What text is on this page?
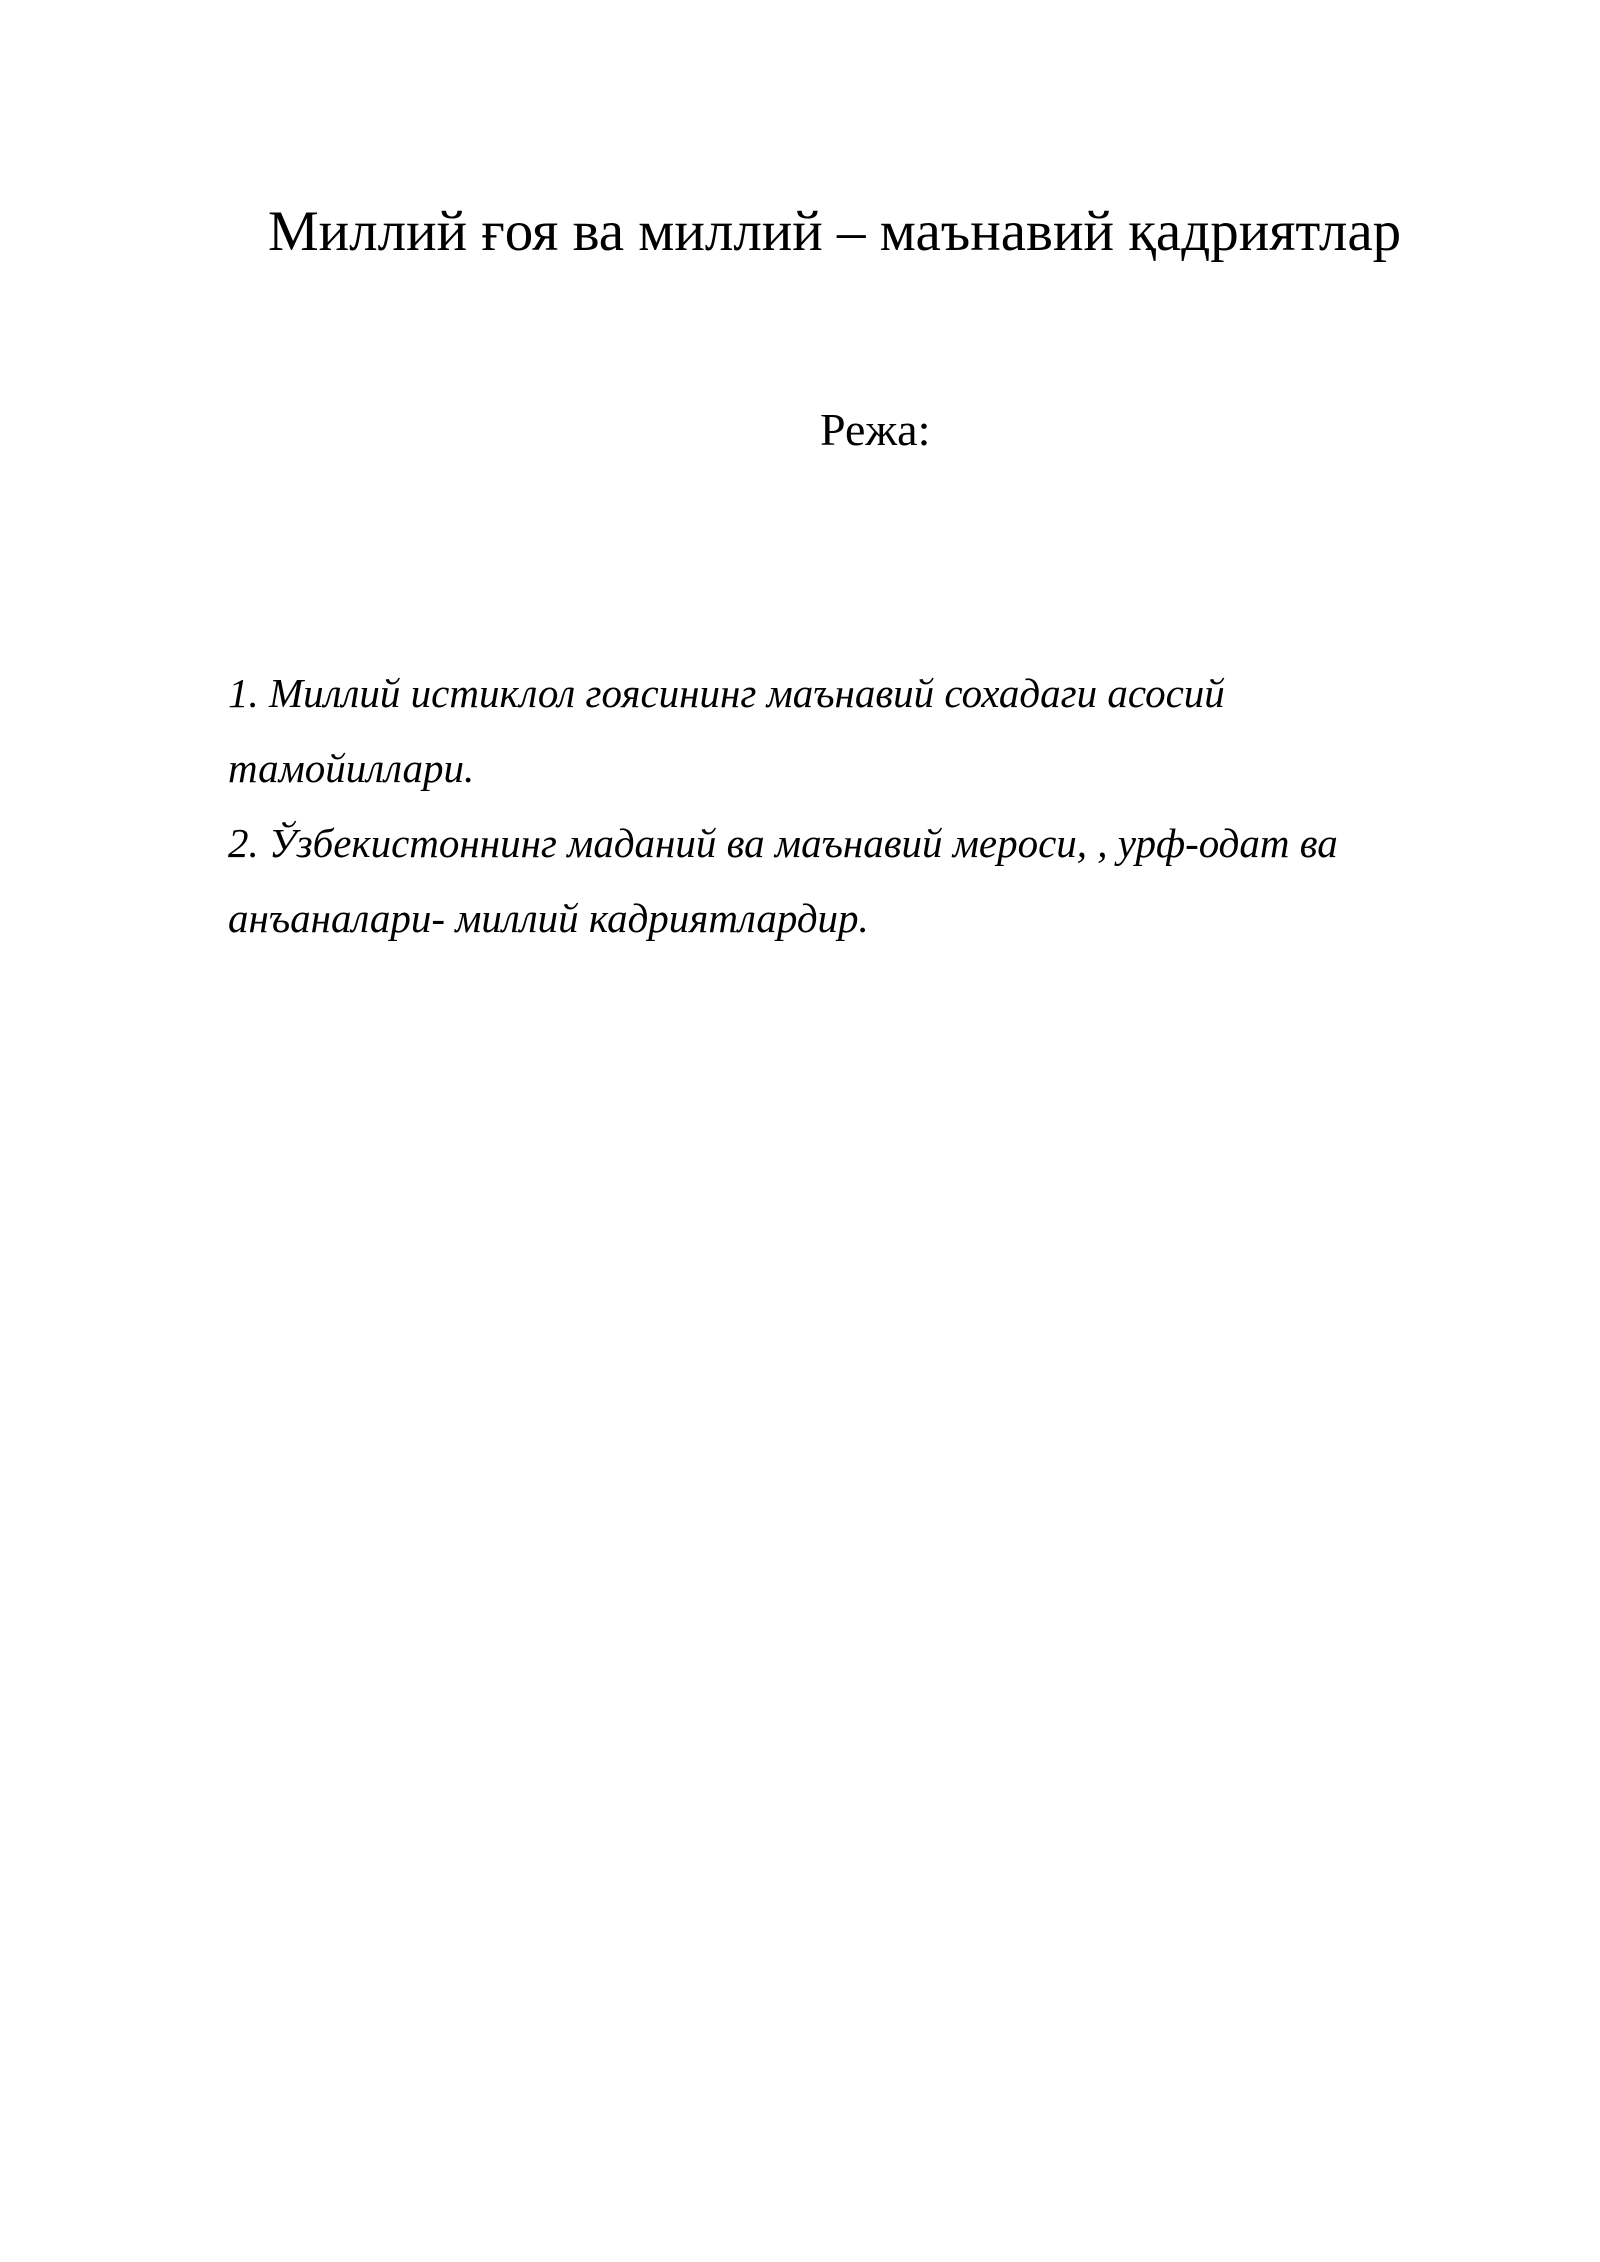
Миллий ғоя ва миллий – маънавий қадриятлар
Режа:
1. Миллий истиклол гоясининг маънавий сохадаги асосий
тамойиллари.
2. Ўзбекистоннинг маданий ва маънавий мероси, , урф-одат ва
анъаналари- миллий кадриятлардир.
